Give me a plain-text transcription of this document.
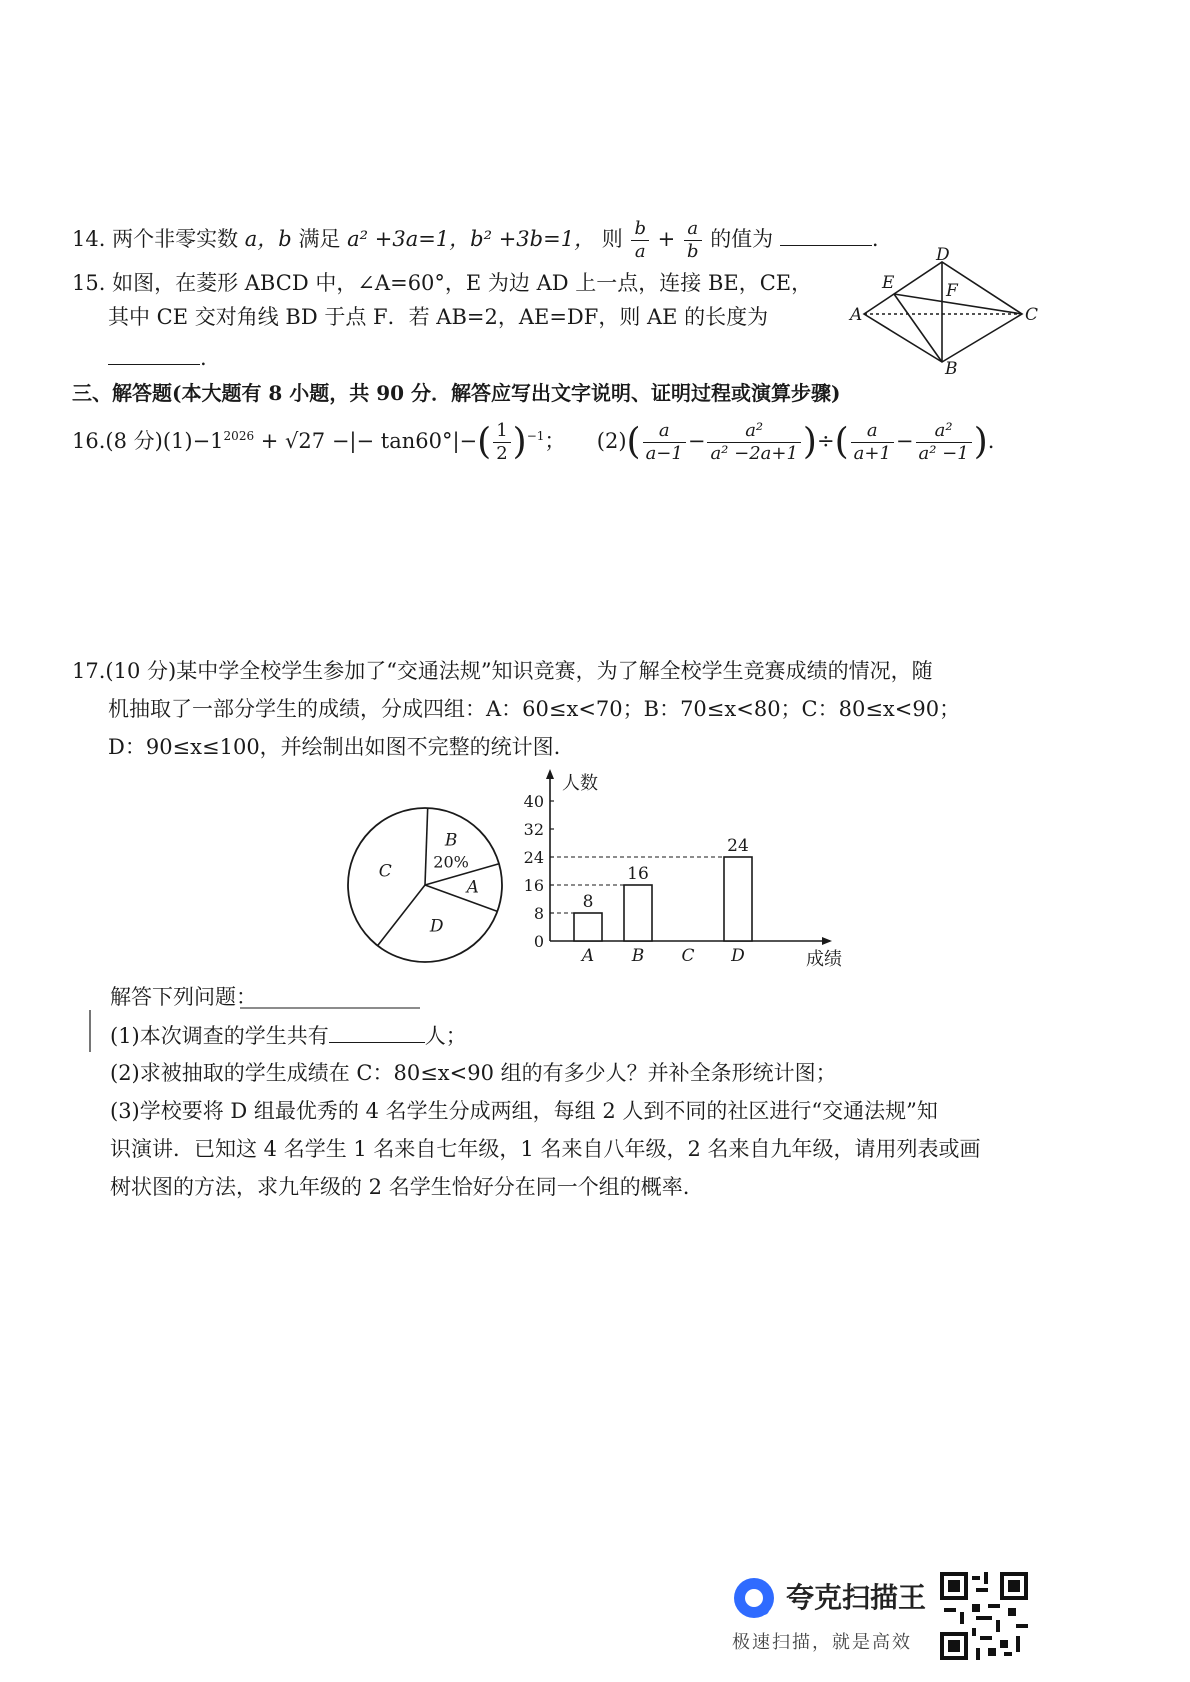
14. 两个非零实数 a，b 满足 a² +3a=1，b² +3b=1， 则 $\frac{b}{a} + \frac{a}{b}$ 的值为	.
15. 如图，在菱形 ABCD 中，∠A=60°，E 为边 AD 上一点，连接 BE，CE，
其中 CE 交对角线 BD 于点 F．若 AB=2，AE=DF，则 AE 的长度为
.
D
E	F
A	C
B
三、解答题(本大题有 8 小题，共 90 分．解答应写出文字说明、证明过程或演算步骤)
16.(8 分)$(1)-1^{2026} + √27$ −|− $\tan 60^\circ|-( \frac{1}{2} )^{-1}$； $(2)( \frac{a}{a-1} - \frac{\text{a²}}{\text{a² −2a+1}}$ )÷( $\frac{a}{a+1} - \frac{\text{a²}}{\text{a² −1}}$ ).
17.(10 分)某中学全校学生参加了“交通法规”知识竞赛，为了解全校学生竞赛成绩的情况，随
机抽取了一部分学生的成绩，分成四组：A：60≤x<70；B：70≤x<80；C：80≤x<90；
D：90≤x≤100，并绘制出如图不完整的统计图.
B
20%
A
D
C
0
8
16
24
32
40
人数
成绩
A
8
B
16
C D
24
解答下列问题：
(1)本次调查的学生共有	人；
(2)求被抽取的学生成绩在 C：80≤x<90 组的有多少人？并补全条形统计图；
(3)学校要将 D 组最优秀的 4 名学生分成两组，每组 2 人到不同的社区进行“交通法规”知
识演讲．已知这 4 名学生 1 名来自七年级，1 名来自八年级，2 名来自九年级，请用列表或画
树状图的方法，求九年级的 2 名学生恰好分在同一个组的概率.
夸克扫描王
极速扫描，就是高效
